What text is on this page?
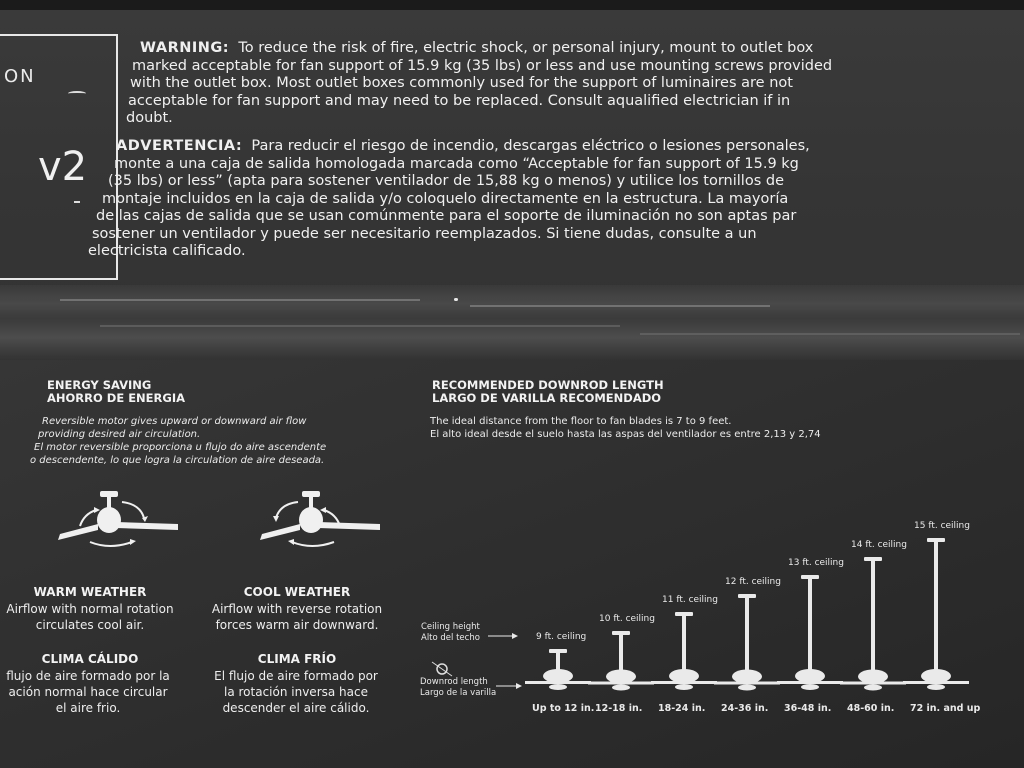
ON
v2
WARNING: To reduce the risk of fire, electric shock, or personal injury, mount to outlet box
marked acceptable for fan support of 15.9 kg (35 lbs) or less and use mounting screws provided
with the outlet box. Most outlet boxes commonly used for the support of luminaires are not
acceptable for fan support and may need to be replaced. Consult aqualified electrician if in
doubt.
ADVERTENCIA: Para reducir el riesgo de incendio, descargas eléctrico o lesiones personales,
monte a una caja de salida homologada marcada como “Acceptable for fan support of 15.9 kg
(35 lbs) or less” (apta para sostener ventilador de 15,88 kg o menos) y utilice los tornillos de
montaje incluidos en la caja de salida y/o coloquelo directamente en la estructura. La mayoría
de las cajas de salida que se usan comúnmente para el soporte de iluminación no son aptas par
sostener un ventilador y puede ser necesitario reemplazados. Si tiene dudas, consulte a un
electricista calificado.
ENERGY SAVING
AHORRO DE ENERGIA
Reversible motor gives upward or downward air flow
providing desired air circulation.
El motor reversible proporciona u flujo do aire ascendente
o descendente, lo que logra la circulation de aire deseada.
WARM WEATHER
Airflow with normal rotation
circulates cool air.
CLIMA CÁLIDO
flujo de aire formado por la
ación normal hace circular
el aire frio.
COOL WEATHER
Airflow with reverse rotation
forces warm air downward.
CLIMA FRÍO
El flujo de aire formado por
la rotación inversa hace
descender el aire cálido.
RECOMMENDED DOWNROD LENGTH
LARGO DE VARILLA RECOMENDADO
The ideal distance from the floor to fan blades is 7 to 9 feet.
El alto ideal desde el suelo hasta las aspas del ventilador es entre 2,13 y 2,74
Ceiling height
Alto del techo
Downrod length
Largo de la varilla
9 ft. ceiling
Up to 12 in.
10 ft. ceiling
12-18 in.
11 ft. ceiling
18-24 in.
12 ft. ceiling
24-36 in.
13 ft. ceiling
36-48 in.
14 ft. ceiling
48-60 in.
15 ft. ceiling
72 in. and up
